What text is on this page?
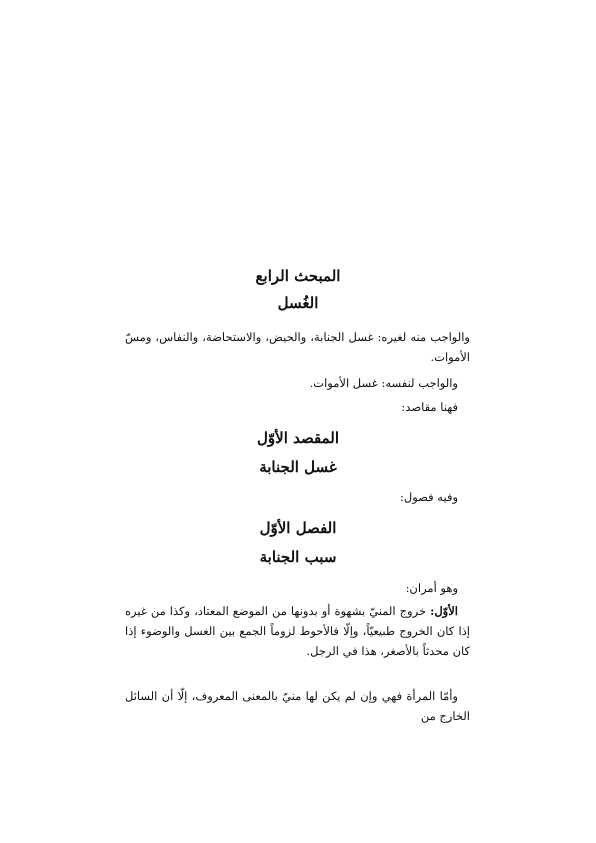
المبحث الرابع
الغُسل
والواجب منه لغيره: غسل الجنابة، والحيض، والاستحاضة، والنفاس، ومسّ الأموات.
والواجب لنفسه: غسل الأموات.
فهنا مقاصد:
المقصد الأوّل
غسل الجنابة
وفيه فصول:
الفصل الأوّل
سبب الجنابة
وهو أمران:
الأوّل: خروج المنيّ بشهوة أو بدونها من الموضع المعتاد، وكذا من غيره إذا كان الخروج طبيعيّاً، وإلّا فالأحوط لزوماً الجمع بين الغسل والوضوء إذا كان محدثاً بالأصغر، هذا في الرجل.
وأمّا المرأة فهي وإن لم يكن لها منيّ بالمعنى المعروف، إلّا أن السائل الخارج من
